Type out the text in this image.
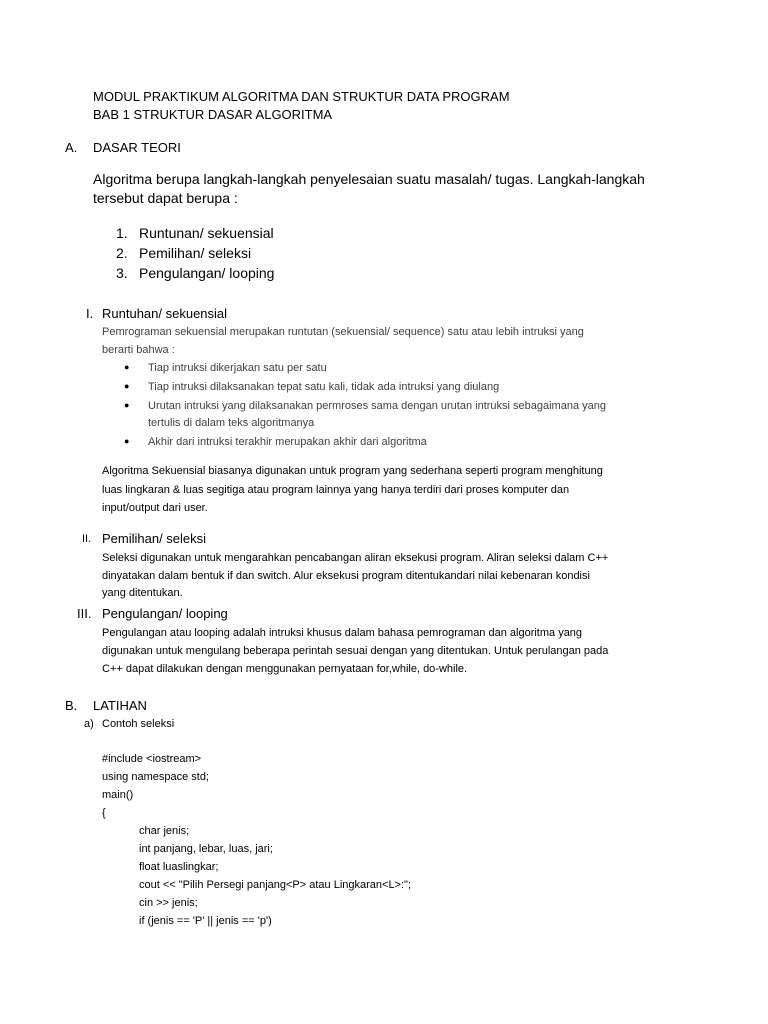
MODUL PRAKTIKUM ALGORITMA DAN STRUKTUR DATA PROGRAM
BAB 1 STRUKTUR DASAR ALGORITMA
A. DASAR TEORI
Algoritma berupa langkah-langkah penyelesaian suatu masalah/ tugas. Langkah-langkah
tersebut dapat berupa :
1. Runtunan/ sekuensial
2. Pemilihan/ seleksi
3. Pengulangan/ looping
I. Runtuhan/ sekuensial
Pemrograman sekuensial merupakan runtutan (sekuensial/ sequence) satu atau lebih intruksi yang
berarti bahwa :
● Tiap intruksi dikerjakan satu per satu
● Tiap intruksi dilaksanakan tepat satu kali, tidak ada intruksi yang diulang
● Urutan intruksi yang dilaksanakan permroses sama dengan urutan intruksi sebagaimana yang
tertulis di dalam teks algoritmanya
● Akhir dari intruksi terakhir merupakan akhir dari algoritma
Algoritma Sekuensial biasanya digunakan untuk program yang sederhana seperti program menghitung
luas lingkaran & luas segitiga atau program lainnya yang hanya terdiri dari proses komputer dan
input/output dari user.
II. Pemilihan/ seleksi
Seleksi digunakan untuk mengarahkan pencabangan aliran eksekusi program. Aliran seleksi dalam C++
dinyatakan dalam bentuk if dan switch. Alur eksekusi program ditentukandari nilai kebenaran kondisi
yang ditentukan.
III. Pengulangan/ looping
Pengulangan atau looping adalah intruksi khusus dalam bahasa pemrograman dan algoritma yang
digunakan untuk mengulang beberapa perintah sesuai dengan yang ditentukan. Untuk perulangan pada
C++ dapat dilakukan dengan menggunakan pernyataan for,while, do-while.
B. LATIHAN
a) Contoh seleksi
#include <iostream>
using namespace std;
main()
{
char jenis;
int panjang, lebar, luas, jari;
float luaslingkar;
cout << "Pilih Persegi panjang<P> atau Lingkaran<L>:";
cin >> jenis;
if (jenis == 'P' || jenis == 'p')
